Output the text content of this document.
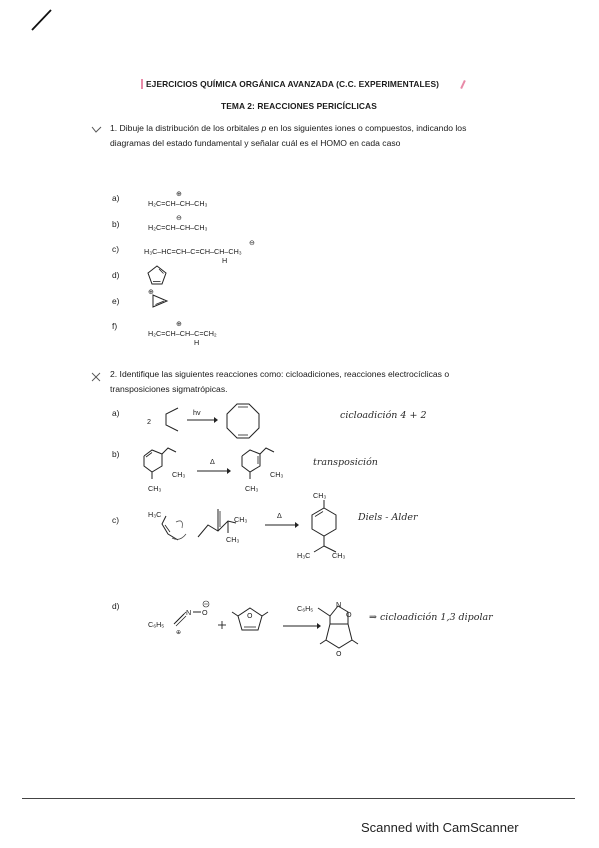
EJERCICIOS QUÍMICA ORGÁNICA AVANZADA (C.C. EXPERIMENTALES)
TEMA 2: REACCIONES PERICÍCLICAS
1. Dibuje la distribución de los orbitales p en los siguientes iones o compuestos, indicando los diagramas del estado fundamental y señalar cuál es el HOMO en cada caso
a)	⊕
H₂C=CH–CH–CH₃
b)
⊖
H₂C=CH–CH–CH₃
c)
⊖
H₃C–HC=CH–C=CH–CH–CH₃
H
d)
e)
⊕
f)	⊕
H₂C=CH–CH–C=CH₂
H
2. Identifique las siguientes reacciones como: cicloadiciones, reacciones electrocíclicas o transposiciones sigmatrópicas.
a)
2
hv	cicloadición 4 + 2
b)
CH₃
CH₃
Δ
CH₃
CH₃
transposición
c)
H₃C
CH₃
CH₃
Δ
CH₃
H₃C	CH₃
Diels - Alder
d)
C₆H₅
⊕
N O	O
C₆H₅	N
O
O
⇒ cicloadición 1,3 dipolar
Scanned with CamScanner
